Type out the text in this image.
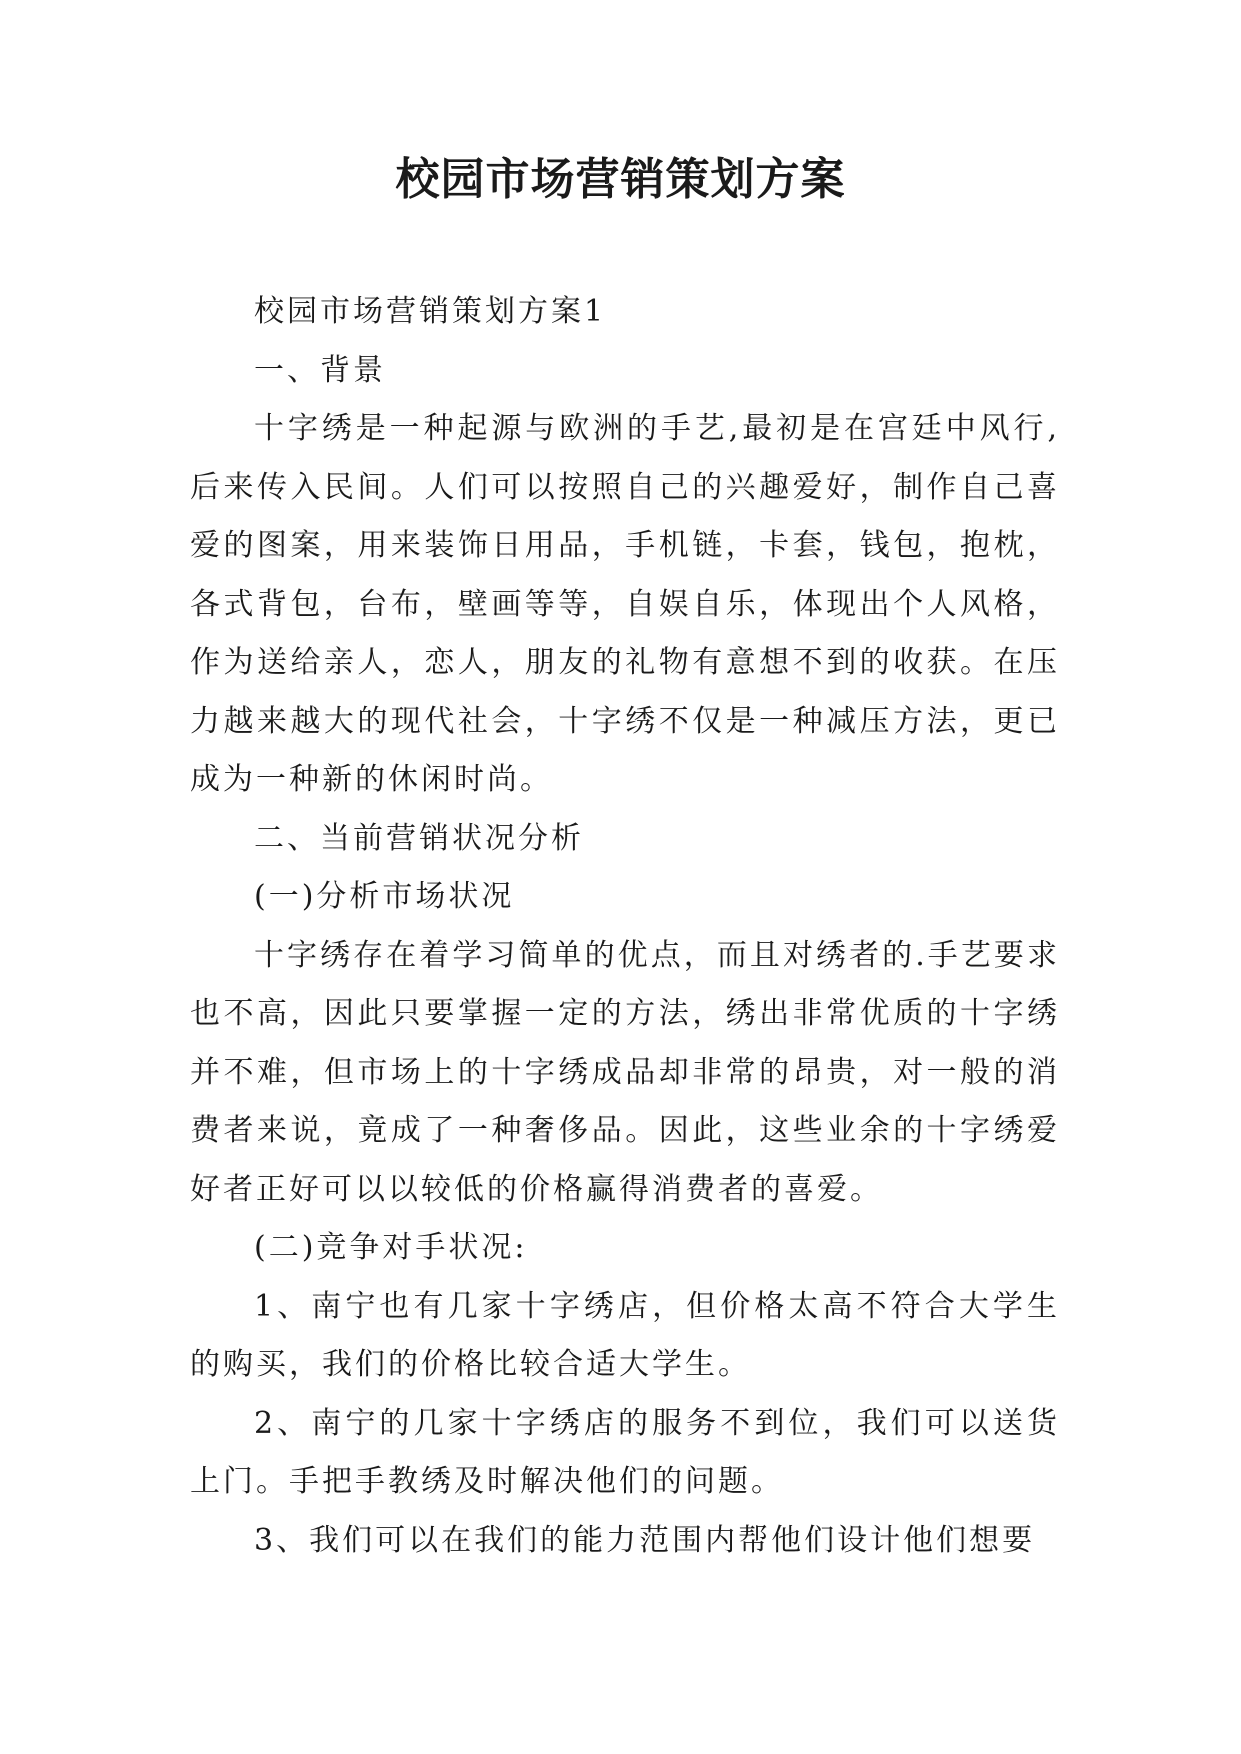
校园市场营销策划方案

校园市场营销策划方案1

一、背景

十字绣是一种起源与欧洲的手艺,最初是在宫廷中风行,后来传入民间。人们可以按照自己的兴趣爱好，制作自己喜爱的图案，用来装饰日用品，手机链，卡套，钱包，抱枕，各式背包，台布，壁画等等，自娱自乐，体现出个人风格，作为送给亲人，恋人，朋友的礼物有意想不到的收获。在压力越来越大的现代社会，十字绣不仅是一种减压方法，更已成为一种新的休闲时尚。

二、当前营销状况分析

(一)分析市场状况

十字绣存在着学习简单的优点，而且对绣者的.手艺要求也不高，因此只要掌握一定的方法，绣出非常优质的十字绣并不难，但市场上的十字绣成品却非常的昂贵，对一般的消费者来说，竟成了一种奢侈品。因此，这些业余的十字绣爱好者正好可以以较低的价格赢得消费者的喜爱。

(二)竞争对手状况:

1、南宁也有几家十字绣店，但价格太高不符合大学生的购买，我们的价格比较合适大学生。

2、南宁的几家十字绣店的服务不到位，我们可以送货上门。手把手教绣及时解决他们的问题。

3、我们可以在我们的能力范围内帮他们设计他们想要
